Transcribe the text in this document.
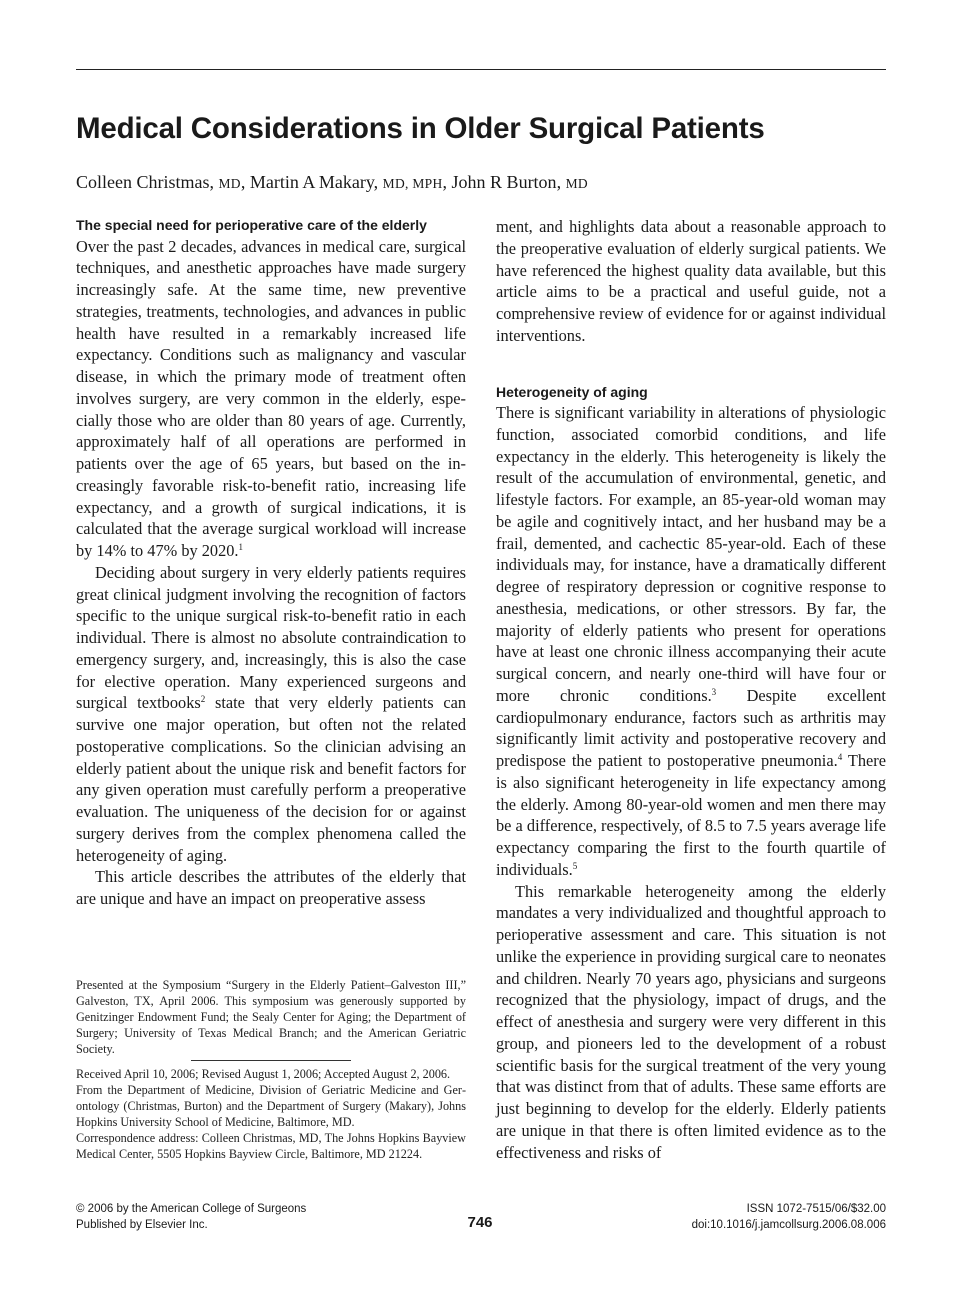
Medical Considerations in Older Surgical Patients
Colleen Christmas, MD, Martin A Makary, MD, MPH, John R Burton, MD
The special need for perioperative care of the elderly

Over the past 2 decades, advances in medical care, surgical techniques, and anesthetic approaches have made surgery increasingly safe. At the same time, new preventive strategies, treatments, technologies, and advances in public health have resulted in a remarkably increased life expectancy. Conditions such as malignancy and vascular disease, in which the primary mode of treatment often involves surgery, are very common in the elderly, especially those who are older than 80 years of age. Currently, approximately half of all operations are performed in patients over the age of 65 years, but based on the increasingly favorable risk-to-benefit ratio, increasing life expectancy, and a growth of surgical indications, it is calculated that the average surgical workload will increase by 14% to 47% by 2020.$^1$

Deciding about surgery in very elderly patients requires great clinical judgment involving the recognition of factors specific to the unique surgical risk-to-benefit ratio in each individual. There is almost no absolute contraindication to emergency surgery, and, increasingly, this is also the case for elective operation. Many experienced surgeons and surgical textbooks$^2$ state that very elderly patients can survive one major operation, but often not the related postoperative complications. So the clinician advising an elderly patient about the unique risk and benefit factors for any given operation must carefully perform a preoperative evaluation. The uniqueness of the decision for or against surgery derives from the complex phenomena called the heterogeneity of aging.

This article describes the attributes of the elderly that are unique and have an impact on preoperative assess

ment, and highlights data about a reasonable approach to the preoperative evaluation of elderly surgical patients. We have referenced the highest quality data available, but this article aims to be a practical and useful guide, not a comprehensive review of evidence for or against individual interventions.

Heterogeneity of aging

There is significant variability in alterations of physiologic function, associated comorbid conditions, and life expectancy in the elderly. This heterogeneity is likely the result of the accumulation of environmental, genetic, and lifestyle factors. For example, an 85-year-old woman may be agile and cognitively intact, and her husband may be a frail, demented, and cachectic 85-year-old. Each of these individuals may, for instance, have a dramatically different degree of respiratory depression or cognitive response to anesthesia, medications, or other stressors. By far, the majority of elderly patients who present for operations have at least one chronic illness accompanying their acute surgical concern, and nearly one-third will have four or more chronic conditions.$^3$ Despite excellent cardiopulmonary endurance, factors such as arthritis may significantly limit activity and postoperative recovery and predispose the patient to postoperative pneumonia.$^4$ There is also significant heterogeneity in life expectancy among the elderly. Among 80-year-old women and men there may be a difference, respectively, of 8.5 to 7.5 years average life expectancy comparing the first to the fourth quartile of individuals.$^5$

This remarkable heterogeneity among the elderly mandates a very individualized and thoughtful approach to perioperative assessment and care. This situation is not unlike the experience in providing surgical care to neonates and children. Nearly 70 years ago, physicians and surgeons recognized that the physiology, impact of drugs, and the effect of anesthesia and surgery were very different in this group, and pioneers led to the development of a robust scientific basis for the surgical treatment of the very young that was distinct from that of adults. These same efforts are just beginning to develop for the elderly. Elderly patients are unique in that there is often limited evidence as to the effectiveness and risks of

Presented at the Symposium “Surgery in the Elderly Patient–Galveston III,” Galveston, TX, April 2006. This symposium was generously supported by Genitzinger Endowment Fund; the Sealy Center for Aging; the Department of Surgery; University of Texas Medical Branch; and the American Geriatric Society.

Received April 10, 2006; Revised August 1, 2006; Accepted August 2, 2006.

From the Department of Medicine, Division of Geriatric Medicine and Gerontology (Christmas, Burton) and the Department of Surgery (Makary), Johns Hopkins University School of Medicine, Baltimore, MD.

Correspondence address: Colleen Christmas, MD, The Johns Hopkins Bayview Medical Center, 5505 Hopkins Bayview Circle, Baltimore, MD 21224.

© 2006 by the American College of Surgeons
Published by Elsevier Inc.	746
ISSN 1072-7515/06/$32.00
doi:10.1016/j.jamcollsurg.2006.08.006
